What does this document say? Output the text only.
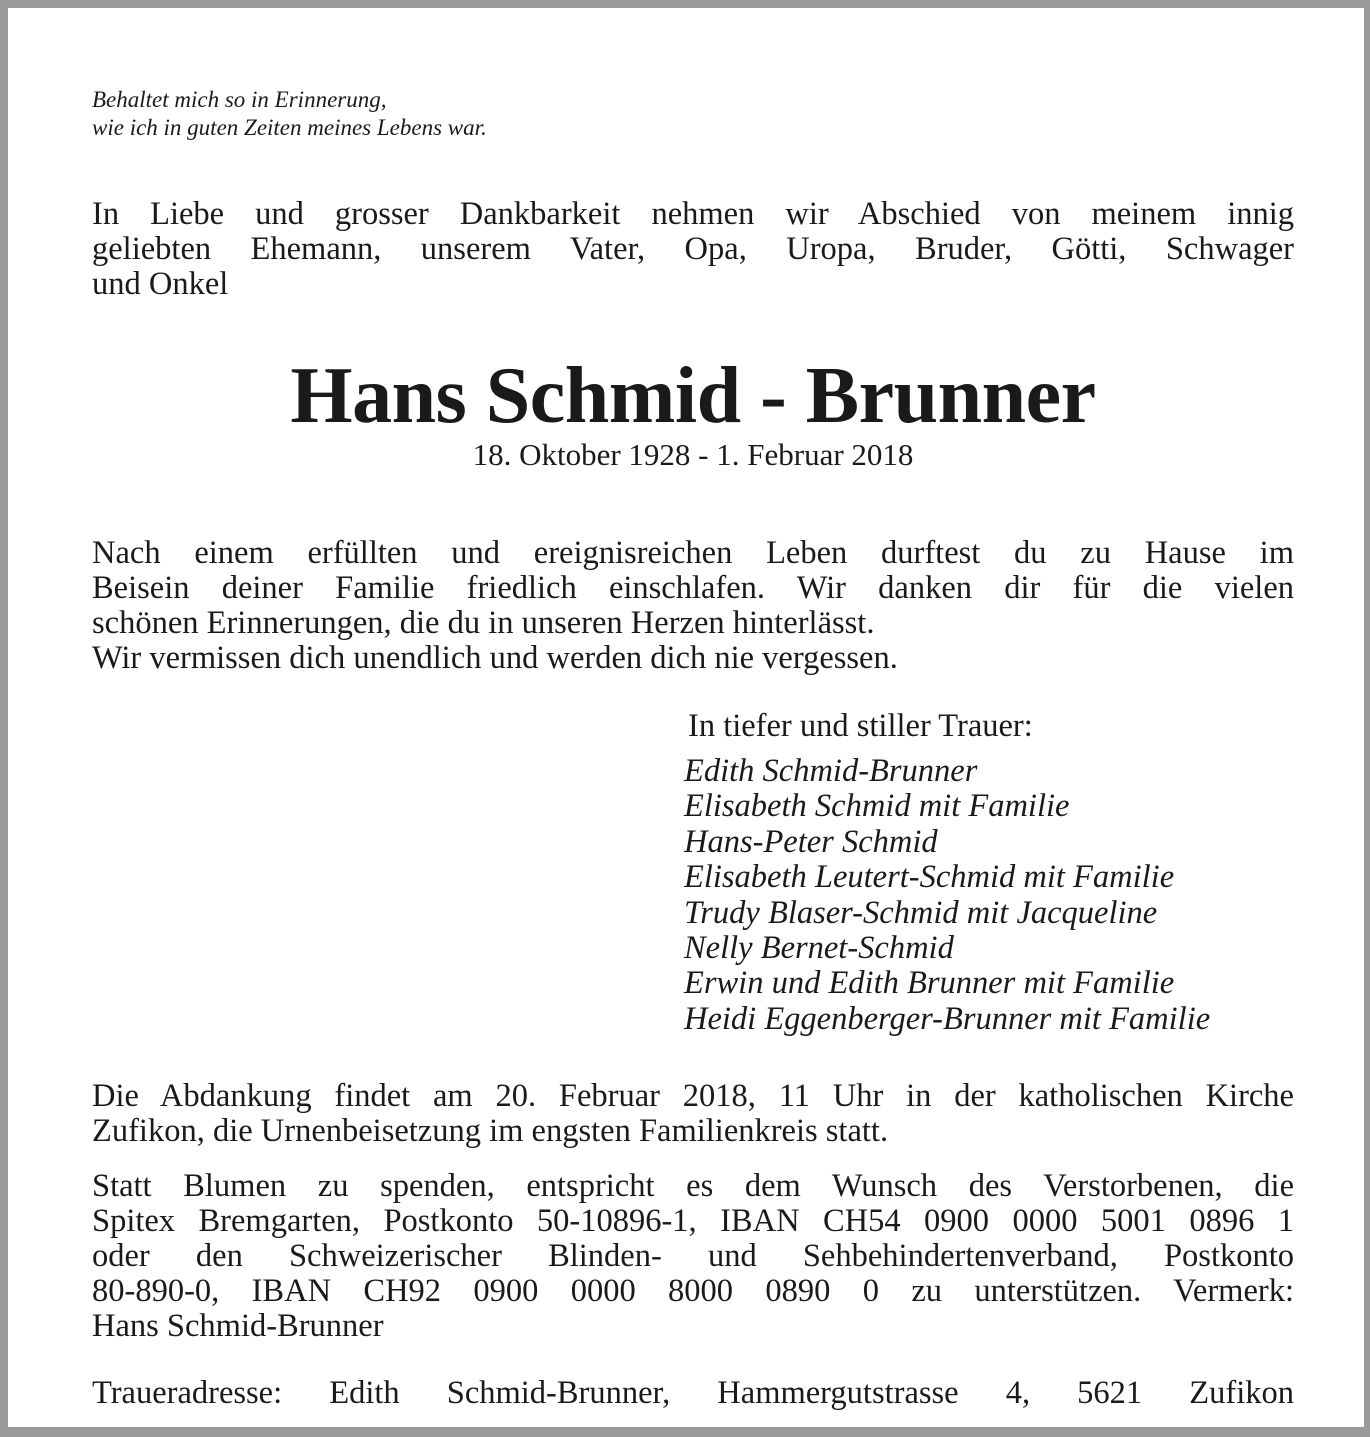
Behaltet mich so in Erinnerung,
wie ich in guten Zeiten meines Lebens war.

In Liebe und grosser Dankbarkeit nehmen wir Abschied von meinem innig
geliebten Ehemann, unserem Vater, Opa, Uropa, Bruder, Götti, Schwager
und Onkel

Hans Schmid - Brunner
18. Oktober 1928 - 1. Februar 2018

Nach einem erfüllten und ereignisreichen Leben durftest du zu Hause im
Beisein deiner Familie friedlich einschlafen. Wir danken dir für die vielen
schönen Erinnerungen, die du in unseren Herzen hinterlässt.
Wir vermissen dich unendlich und werden dich nie vergessen.

In tiefer und stiller Trauer:
Edith Schmid-Brunner
Elisabeth Schmid mit Familie
Hans-Peter Schmid
Elisabeth Leutert-Schmid mit Familie
Trudy Blaser-Schmid mit Jacqueline
Nelly Bernet-Schmid
Erwin und Edith Brunner mit Familie
Heidi Eggenberger-Brunner mit Familie

Die Abdankung findet am 20. Februar 2018, 11 Uhr in der katholischen Kirche
Zufikon, die Urnenbeisetzung im engsten Familienkreis statt.

Statt Blumen zu spenden, entspricht es dem Wunsch des Verstorbenen, die
Spitex Bremgarten, Postkonto 50-10896-1, IBAN CH54 0900 0000 5001 0896 1
oder den Schweizerischer Blinden- und Sehbehindertenverband, Postkonto
80-890-0, IBAN CH92 0900 0000 8000 0890 0 zu unterstützen. Vermerk:
Hans Schmid-Brunner

Traueradresse: Edith Schmid-Brunner, Hammergutstrasse 4, 5621 Zufikon
